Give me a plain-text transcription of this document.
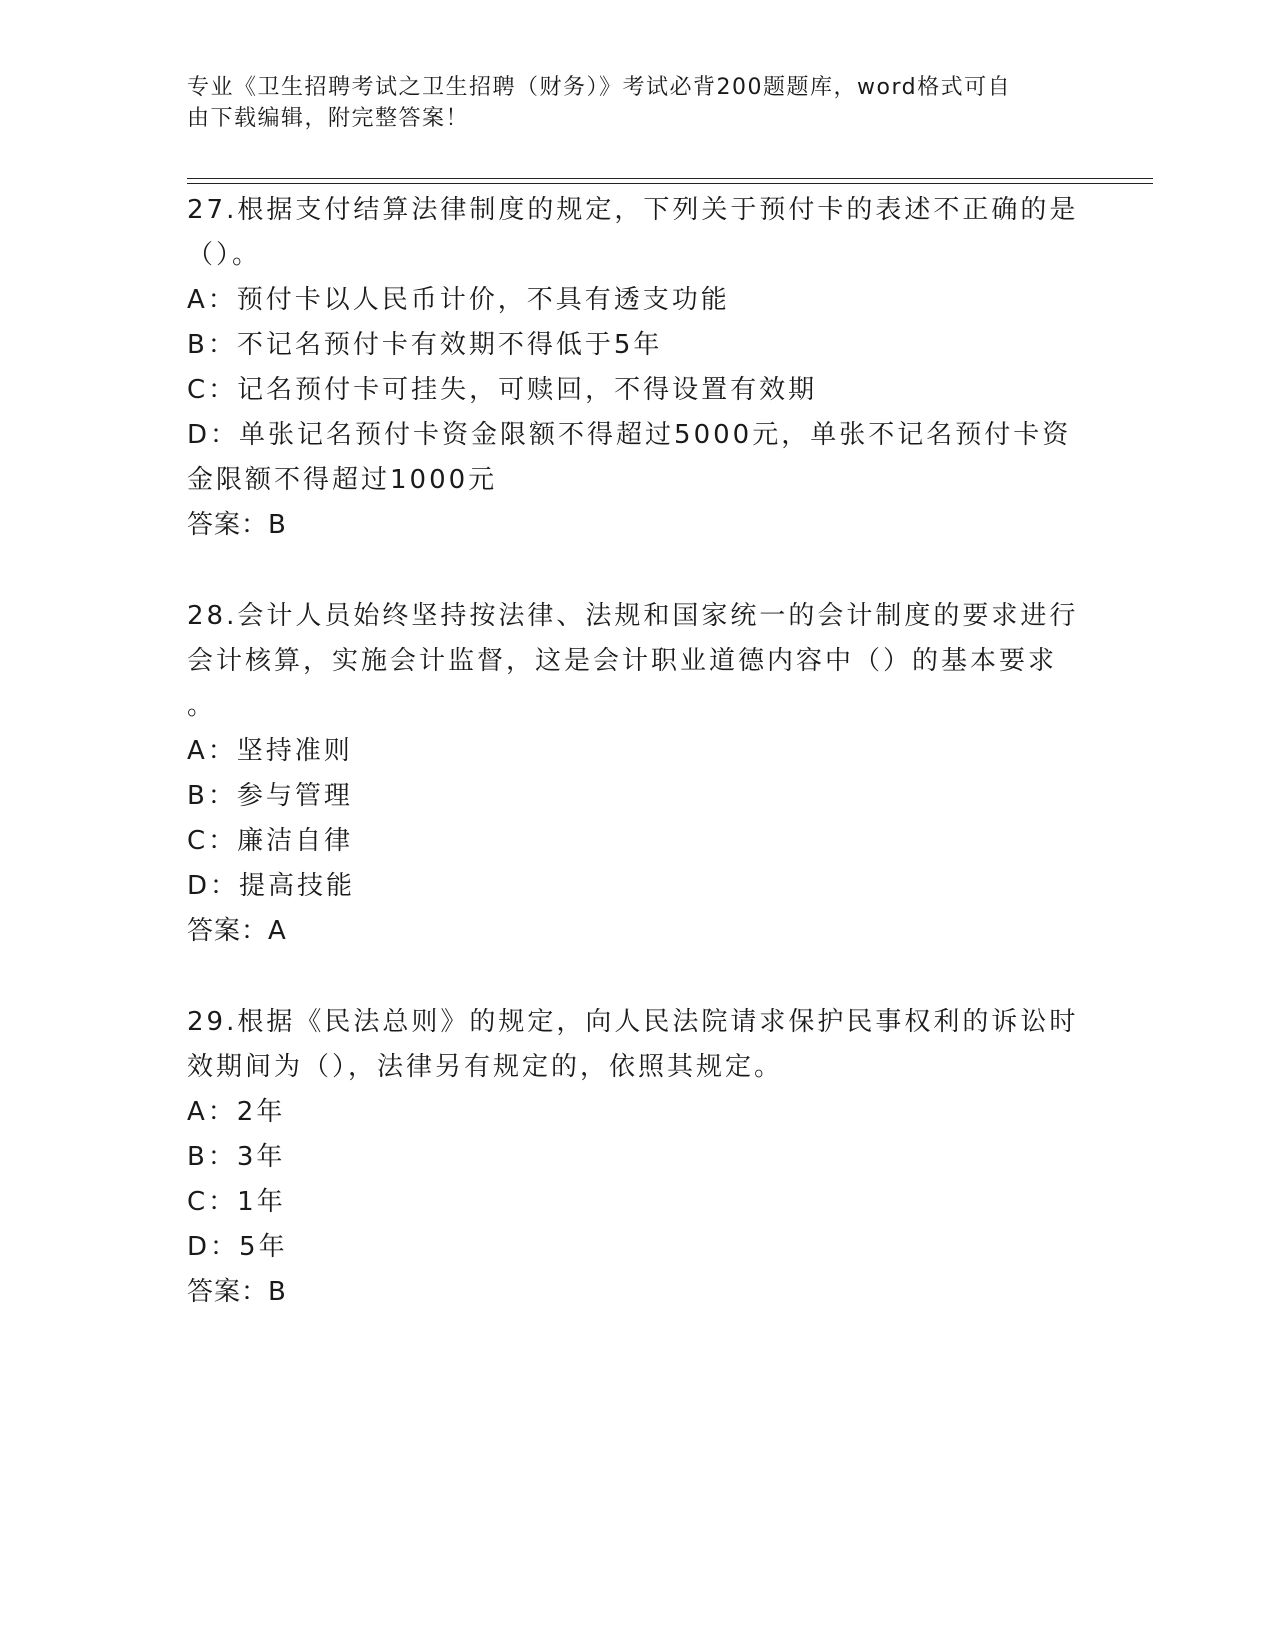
专业《卫生招聘考试之卫生招聘（财务）》考试必背200题题库，word格式可自
由下载编辑，附完整答案！

27.根据支付结算法律制度的规定，下列关于预付卡的表述不正确的是
（）。

A：预付卡以人民币计价，不具有透支功能

B：不记名预付卡有效期不得低于5年

C：记名预付卡可挂失，可赎回，不得设置有效期

D：单张记名预付卡资金限额不得超过5000元，单张不记名预付卡资
金限额不得超过1000元

答案：B

28.会计人员始终坚持按法律、法规和国家统一的会计制度的要求进行
会计核算，实施会计监督，这是会计职业道德内容中（）的基本要求
。

A：坚持准则

B：参与管理

C：廉洁自律

D：提高技能

答案：A

29.根据《民法总则》的规定，向人民法院请求保护民事权利的诉讼时
效期间为（），法律另有规定的，依照其规定。

A：2年

B：3年

C：1年

D：5年

答案：B
